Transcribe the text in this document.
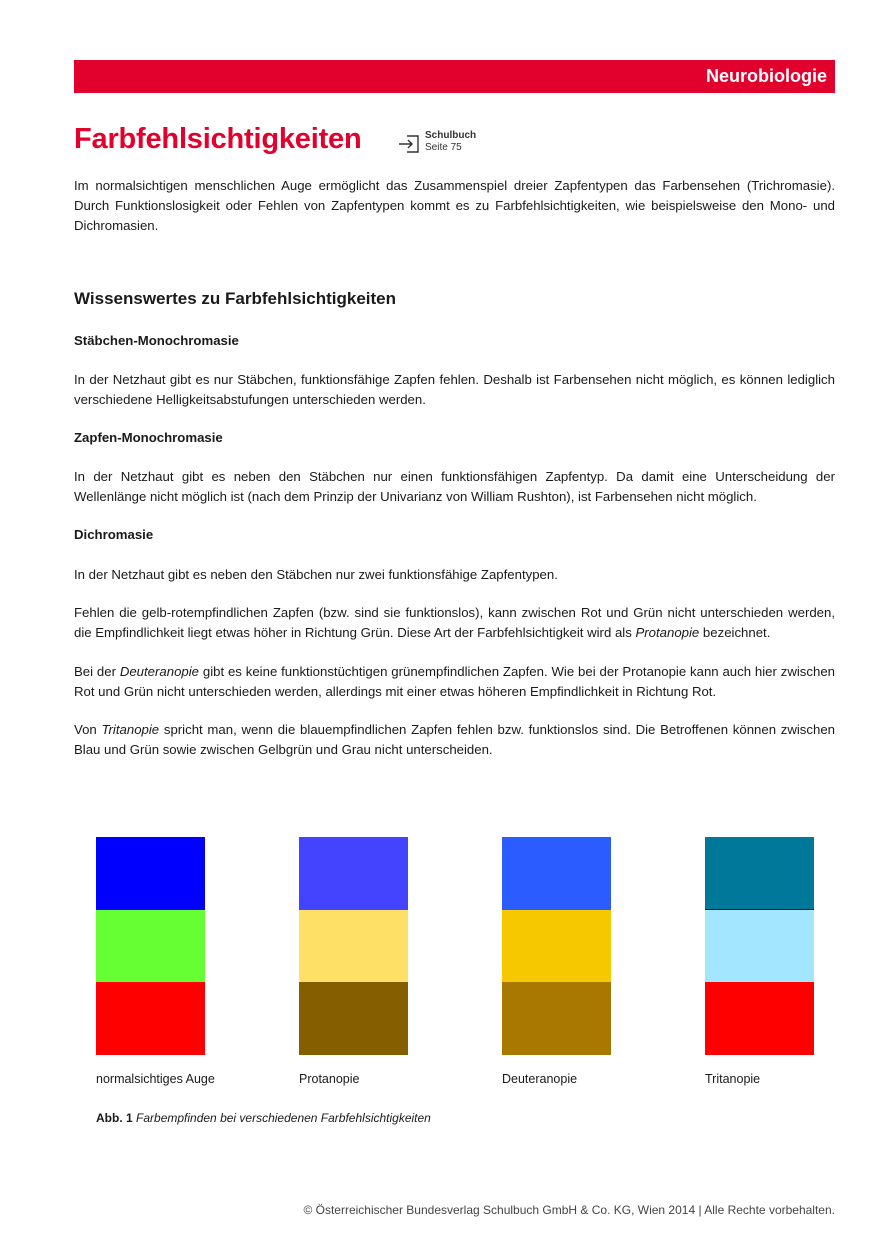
Neurobiologie
Farbfehlsichtigkeiten	Schulbuch
Seite 75

Im normalsichtigen menschlichen Auge ermöglicht das Zusammenspiel dreier Zapfentypen das Farbensehen (Trichromasie). Durch Funktionslosigkeit oder Fehlen von Zapfentypen kommt es zu Farbfehlsichtigkeiten, wie beispielsweise den Mono- und Dichromasien.

Wissenswertes zu Farbfehlsichtigkeiten
Stäbchen-Monochromasie

In der Netzhaut gibt es nur Stäbchen, funktionsfähige Zapfen fehlen. Deshalb ist Farbensehen nicht möglich, es können lediglich verschiedene Helligkeitsabstufungen unterschieden werden.

Zapfen-Monochromasie

In der Netzhaut gibt es neben den Stäbchen nur einen funktionsfähigen Zapfentyp. Da damit eine Unterscheidung der Wellenlänge nicht möglich ist (nach dem Prinzip der Univarianz von William Rushton), ist Farbensehen nicht möglich.

Dichromasie

In der Netzhaut gibt es neben den Stäbchen nur zwei funktionsfähige Zapfentypen.

Fehlen die gelb-rotempfindlichen Zapfen (bzw. sind sie funktionslos), kann zwischen Rot und Grün nicht unterschieden werden, die Empfindlichkeit liegt etwas höher in Richtung Grün. Diese Art der Farbfehlsichtigkeit wird als Protanopie bezeichnet.

Bei der Deuteranopie gibt es keine funktionstüchtigen grünempfindlichen Zapfen. Wie bei der Protanopie kann auch hier zwischen Rot und Grün nicht unterschieden werden, allerdings mit einer etwas höheren Empfindlichkeit in Richtung Rot.

Von Tritanopie spricht man, wenn die blauempfindlichen Zapfen fehlen bzw. funktionslos sind. Die Betroffenen können zwischen Blau und Grün sowie zwischen Gelbgrün und Grau nicht unterscheiden.

normalsichtiges Auge	Protanopie	Deuteranopie	Tritanopie

Abb. 1 Farbempfinden bei verschiedenen Farbfehlsichtigkeiten

© Österreichischer Bundesverlag Schulbuch GmbH & Co. KG, Wien 2014 | Alle Rechte vorbehalten.
